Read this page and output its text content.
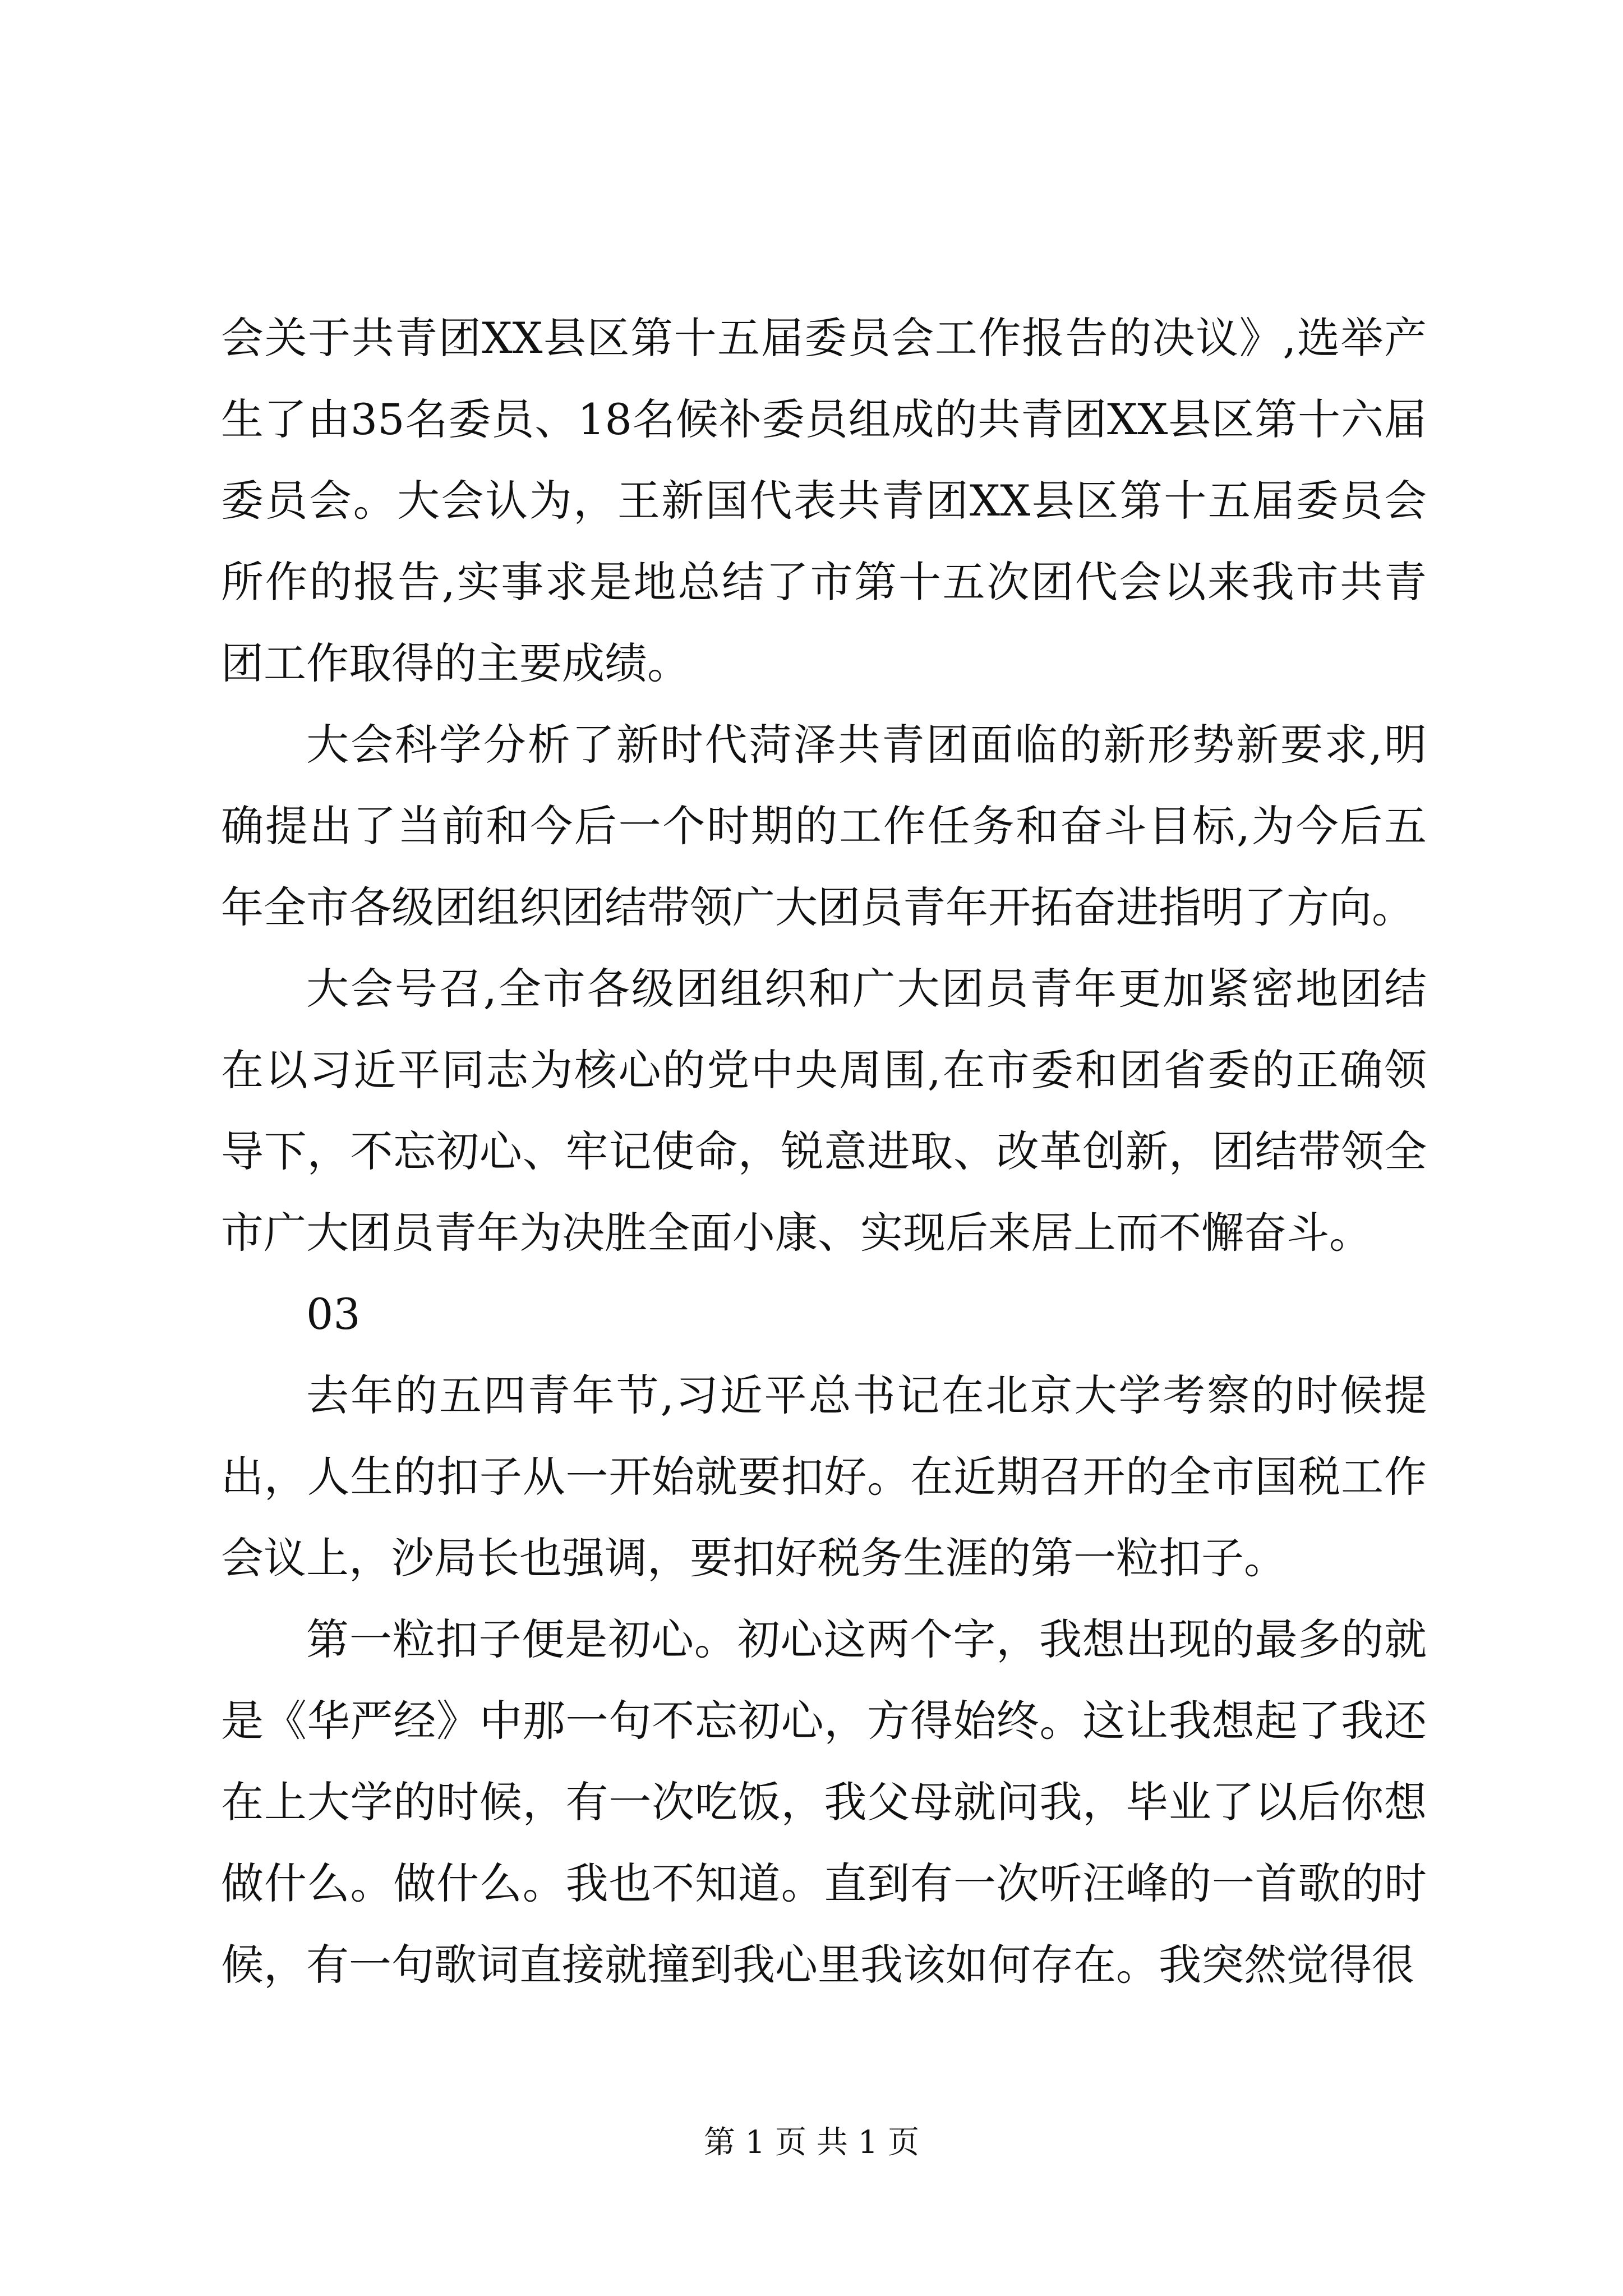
会关于共青团XX县区第十五届委员会工作报告的决议》,选举产生了由35名委员、18名候补委员组成的共青团XX县区第十六届委员会。大会认为，王新国代表共青团XX县区第十五届委员会所作的报告,实事求是地总结了市第十五次团代会以来我市共青团工作取得的主要成绩。

大会科学分析了新时代菏泽共青团面临的新形势新要求,明确提出了当前和今后一个时期的工作任务和奋斗目标,为今后五年全市各级团组织团结带领广大团员青年开拓奋进指明了方向。

大会号召,全市各级团组织和广大团员青年更加紧密地团结在以习近平同志为核心的党中央周围,在市委和团省委的正确领导下，不忘初心、牢记使命，锐意进取、改革创新，团结带领全市广大团员青年为决胜全面小康、实现后来居上而不懈奋斗。

03

去年的五四青年节,习近平总书记在北京大学考察的时候提出，人生的扣子从一开始就要扣好。在近期召开的全市国税工作会议上，沙局长也强调，要扣好税务生涯的第一粒扣子。

第一粒扣子便是初心。初心这两个字，我想出现的最多的就是《华严经》中那一句不忘初心，方得始终。这让我想起了我还在上大学的时候，有一次吃饭，我父母就问我，毕业了以后你想做什么。做什么。我也不知道。直到有一次听汪峰的一首歌的时候，有一句歌词直接就撞到我心里我该如何存在。我突然觉得很

第 1 页 共 1 页
